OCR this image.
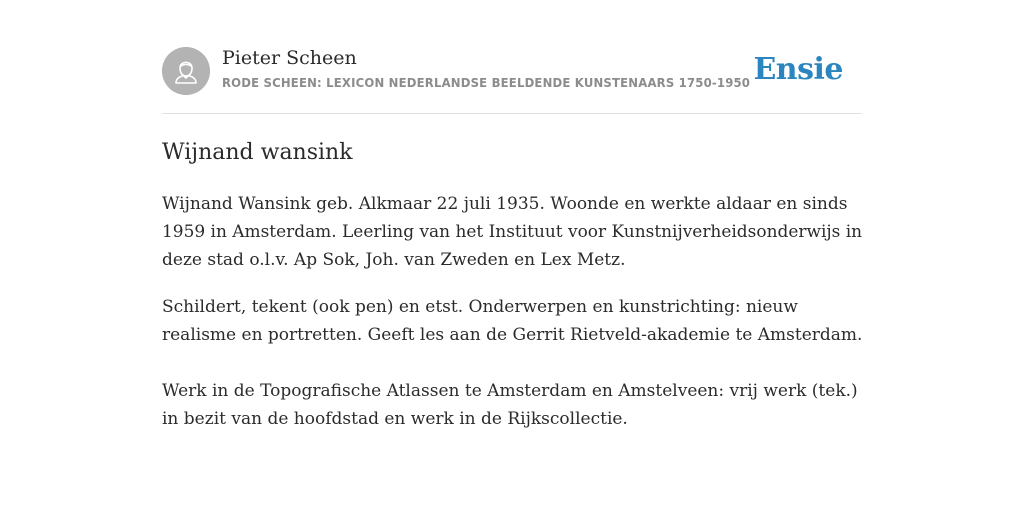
Pieter Scheen
RODE SCHEEN: LEXICON NEDERLANDSE BEELDENDE KUNSTENAARS 1750-1950 Ensie
Wijnand wansink

Wijnand Wansink geb. Alkmaar 22 juli 1935. Woonde en werkte aldaar en sinds
1959 in Amsterdam. Leerling van het Instituut voor Kunstnijverheidsonderwijs in
deze stad o.l.v. Ap Sok, Joh. van Zweden en Lex Metz.

Schildert, tekent (ook pen) en etst. Onderwerpen en kunstrichting: nieuw
realisme en portretten. Geeft les aan de Gerrit Rietveld-akademie te Amsterdam.

Werk in de Topografische Atlassen te Amsterdam en Amstelveen: vrij werk (tek.)
in bezit van de hoofdstad en werk in de Rijkscollectie.
